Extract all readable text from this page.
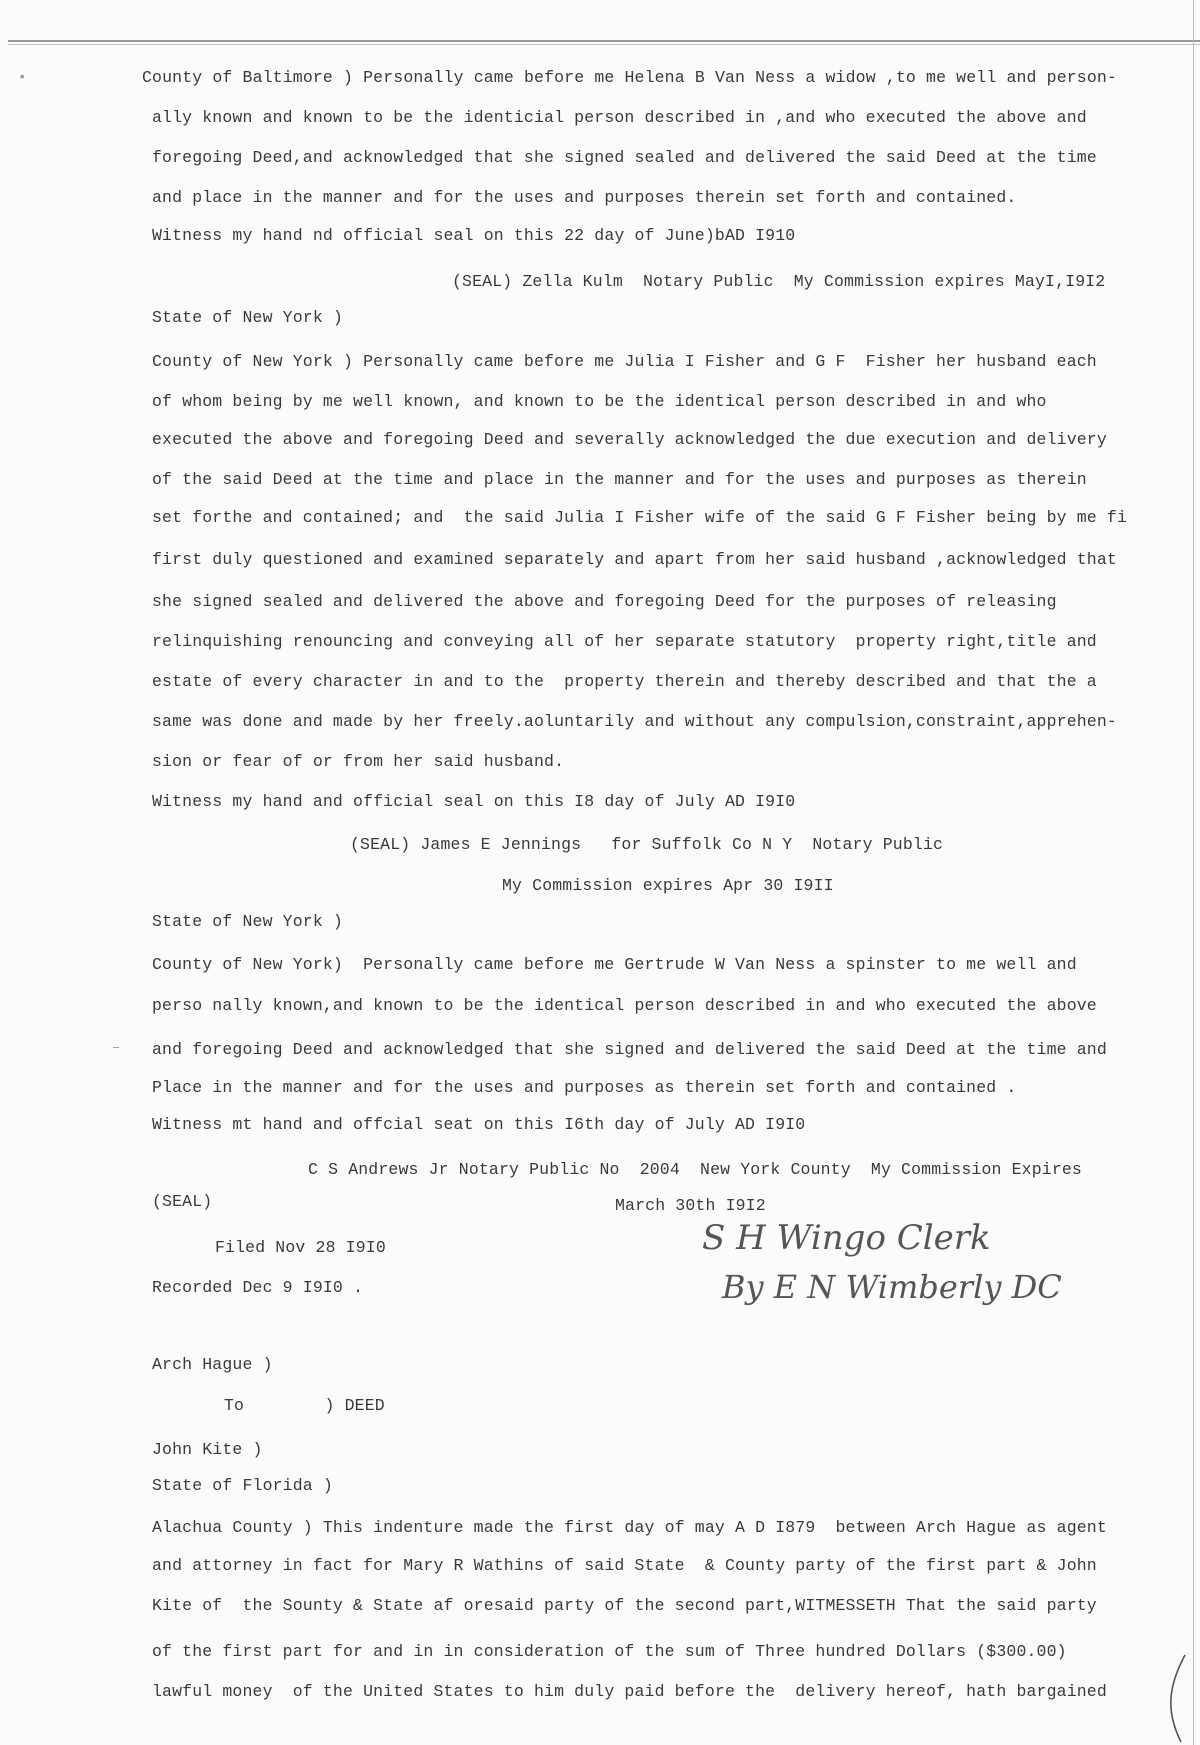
•
–
County of Baltimore ) Personally came before me Helena B Van Ness a widow ,to me well and person-
ally known and known to be the identicial person described in ,and who executed the above and
foregoing Deed,and acknowledged that she signed sealed and delivered the said Deed at the time
and place in the manner and for the uses and purposes therein set forth and contained.
Witness my hand nd official seal on this 22 day of June)bAD I910
(SEAL) Zella Kulm  Notary Public  My Commission expires MayI,I9I2
State of New York )
County of New York ) Personally came before me Julia I Fisher and G F  Fisher her husband each
of whom being by me well known, and known to be the identical person described in and who
executed the above and foregoing Deed and severally acknowledged the due execution and delivery
of the said Deed at the time and place in the manner and for the uses and purposes as therein
set forthe and contained; and  the said Julia I Fisher wife of the said G F Fisher being by me fi
first duly questioned and examined separately and apart from her said husband ,acknowledged that
she signed sealed and delivered the above and foregoing Deed for the purposes of releasing
relinquishing renouncing and conveying all of her separate statutory  property right,title and
estate of every character in and to the  property therein and thereby described and that the a
same was done and made by her freely.aoluntarily and without any compulsion,constraint,apprehen-
sion or fear of or from her said husband.
Witness my hand and official seal on this I8 day of July AD I9I0
(SEAL) James E Jennings   for Suffolk Co N Y  Notary Public
My Commission expires Apr 30 I9II
State of New York )
County of New York)  Personally came before me Gertrude W Van Ness a spinster to me well and
perso nally known,and known to be the identical person described in and who executed the above
and foregoing Deed and acknowledged that she signed and delivered the said Deed at the time and
Place in the manner and for the uses and purposes as therein set forth and contained .
Witness mt hand and offcial seat on this I6th day of July AD I9I0
C S Andrews Jr Notary Public No  2004  New York County  My Commission Expires
(SEAL)	March 30th I9I2
Filed Nov 28 I9I0
Recorded Dec 9 I9I0 .
Arch Hague )
To        ) DEED
John Kite )
State of Florida )
Alachua County ) This indenture made the first day of may A D I879  between Arch Hague as agent
and attorney in fact for Mary R Wathins of said State  & County party of the first part & John
Kite of  the Sounty & State af oresaid party of the second part,WITMESSETH That the said party
of the first part for and in in consideration of the sum of Three hundred Dollars ($300.00)
lawful money  of the United States to him duly paid before the  delivery hereof, hath bargained
S H Wingo Clerk
By E N Wimberly DC
